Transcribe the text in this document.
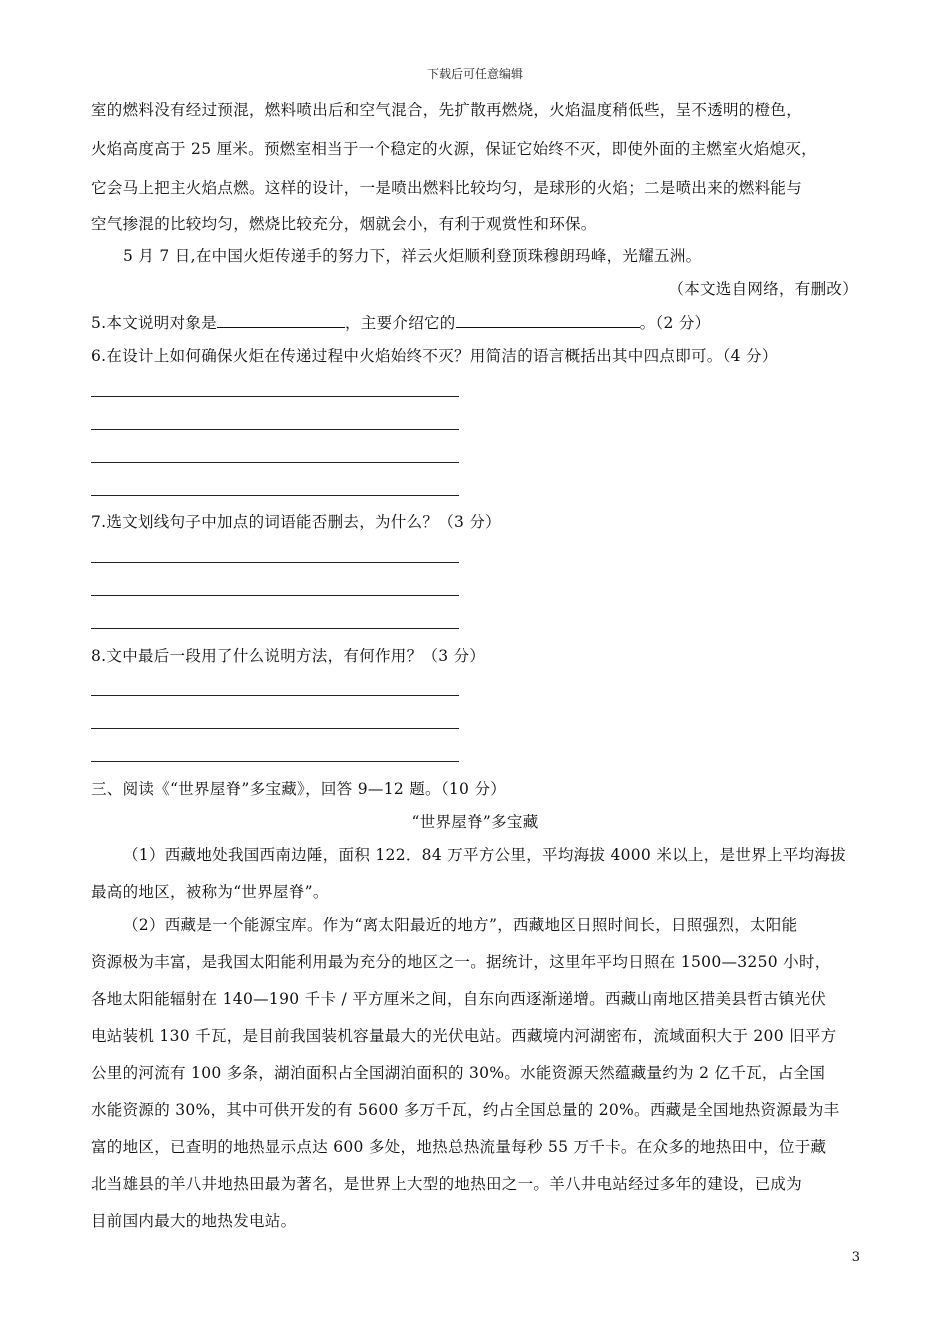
下载后可任意编辑
室的燃料没有经过预混，燃料喷出后和空气混合，先扩散再燃烧，火焰温度稍低些，呈不透明的橙色，
火焰高度高于 25 厘米。预燃室相当于一个稳定的火源，保证它始终不灭，即使外面的主燃室火焰熄灭，
它会马上把主火焰点燃。这样的设计，一是喷出燃料比较均匀，是球形的火焰；二是喷出来的燃料能与
空气掺混的比较均匀，燃烧比较充分，烟就会小，有利于观赏性和环保。
5 月 7 日,在中国火炬传递手的努力下，祥云火炬顺利登顶珠穆朗玛峰，光耀五洲。
（本文选自网络，有删改）
5.本文说明对象是	，主要介绍它的	。（2 分）
6.在设计上如何确保火炬在传递过程中火焰始终不灭？用简洁的语言概括出其中四点即可。（4 分）
7.选文划线句子中加点的词语能否删去，为什么？（3 分）
8.文中最后一段用了什么说明方法，有何作用？（3 分）
三、阅读《“世界屋脊”多宝藏》，回答 9—12 题。（10 分）
“世界屋脊”多宝藏
（1）西藏地处我国西南边陲，面积 122．84 万平方公里，平均海拔 4000 米以上，是世界上平均海拔
最高的地区，被称为“世界屋脊”。
（2）西藏是一个能源宝库。作为“离太阳最近的地方”，西藏地区日照时间长，日照强烈，太阳能
资源极为丰富，是我国太阳能利用最为充分的地区之一。据统计，这里年平均日照在 1500—3250 小时，
各地太阳能辐射在 140—190 千卡 / 平方厘米之间，自东向西逐渐递增。西藏山南地区措美县哲古镇光伏
电站装机 130 千瓦，是目前我国装机容量最大的光伏电站。西藏境内河湖密布，流域面积大于 200 旧平方
公里的河流有 100 多条，湖泊面积占全国湖泊面积的 30%。水能资源天然蕴藏量约为 2 亿千瓦，占全国
水能资源的 30%，其中可供开发的有 5600 多万千瓦，约占全国总量的 20%。西藏是全国地热资源最为丰
富的地区，已查明的地热显示点达 600 多处，地热总热流量每秒 55 万千卡。在众多的地热田中，位于藏
北当雄县的羊八井地热田最为著名，是世界上大型的地热田之一。羊八井电站经过多年的建设，已成为
目前国内最大的地热发电站。
3
